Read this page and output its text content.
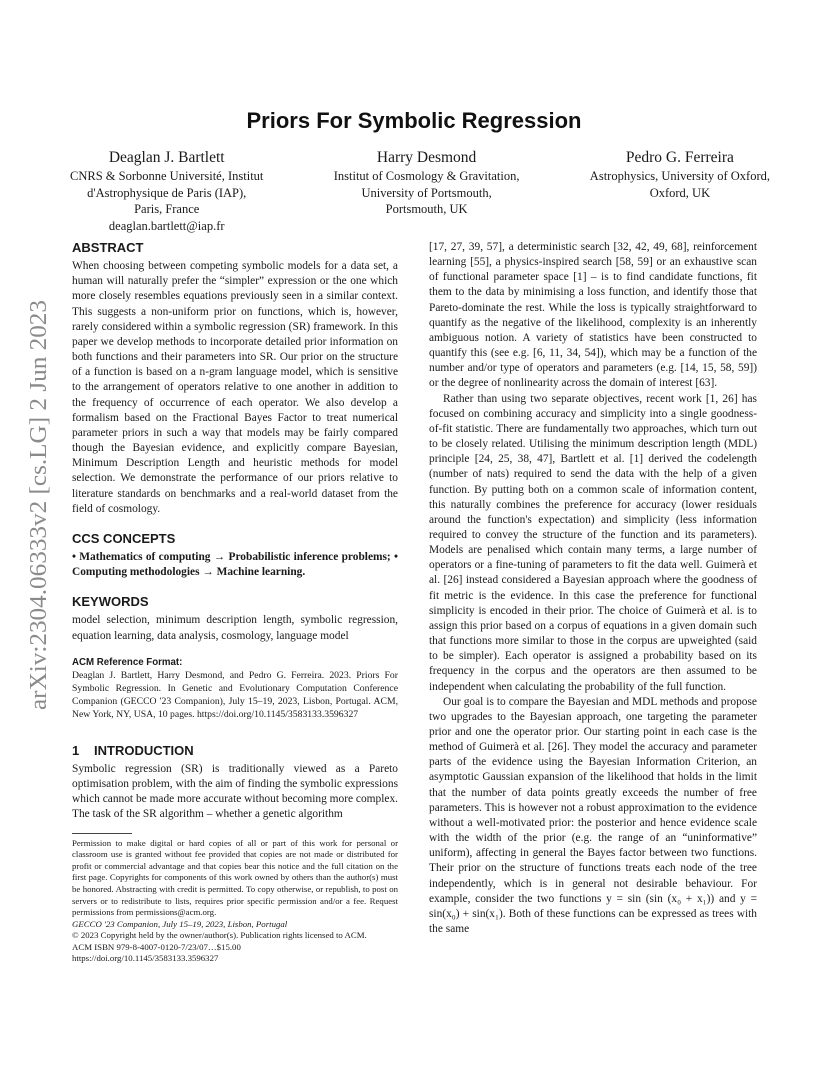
arXiv:2304.06333v2 [cs.LG] 2 Jun 2023
Priors For Symbolic Regression
Deaglan J. Bartlett
CNRS & Sorbonne Université, Institut
d'Astrophysique de Paris (IAP),
Paris, France
deaglan.bartlett@iap.fr
Harry Desmond
Institut of Cosmology & Gravitation,
University of Portsmouth,
Portsmouth, UK
Pedro G. Ferreira
Astrophysics, University of Oxford,
Oxford, UK
ABSTRACT

When choosing between competing symbolic models for a data set, a human will naturally prefer the “simpler” expression or the one which more closely resembles equations previously seen in a similar context. This suggests a non-uniform prior on functions, which is, however, rarely considered within a symbolic regression (SR) framework. In this paper we develop methods to incorporate detailed prior information on both functions and their parameters into SR. Our prior on the structure of a function is based on a n-gram language model, which is sensitive to the arrangement of operators relative to one another in addition to the frequency of occurrence of each operator. We also develop a formalism based on the Fractional Bayes Factor to treat numerical parameter priors in such a way that models may be fairly compared though the Bayesian evidence, and explicitly compare Bayesian, Minimum Description Length and heuristic methods for model selection. We demonstrate the performance of our priors relative to literature standards on benchmarks and a real-world dataset from the field of cosmology.

CCS CONCEPTS

• Mathematics of computing → Probabilistic inference problems; • Computing methodologies → Machine learning.

KEYWORDS

model selection, minimum description length, symbolic regression, equation learning, data analysis, cosmology, language model

ACM Reference Format:

Deaglan J. Bartlett, Harry Desmond, and Pedro G. Ferreira. 2023. Priors For Symbolic Regression. In Genetic and Evolutionary Computation Conference Companion (GECCO '23 Companion), July 15–19, 2023, Lisbon, Portugal. ACM, New York, NY, USA, 10 pages. https://doi.org/10.1145/3583133.3596327

1 INTRODUCTION

Symbolic regression (SR) is traditionally viewed as a Pareto optimisation problem, with the aim of finding the symbolic expressions which cannot be made more accurate without becoming more complex. The task of the SR algorithm – whether a genetic algorithm

Permission to make digital or hard copies of all or part of this work for personal or classroom use is granted without fee provided that copies are not made or distributed for profit or commercial advantage and that copies bear this notice and the full citation on the first page. Copyrights for components of this work owned by others than the author(s) must be honored. Abstracting with credit is permitted. To copy otherwise, or republish, to post on servers or to redistribute to lists, requires prior specific permission and/or a fee. Request permissions from permissions@acm.org.

GECCO '23 Companion, July 15–19, 2023, Lisbon, Portugal

© 2023 Copyright held by the owner/author(s). Publication rights licensed to ACM.

ACM ISBN 979-8-4007-0120-7/23/07…$15.00

https://doi.org/10.1145/3583133.3596327

[17, 27, 39, 57], a deterministic search [32, 42, 49, 68], reinforcement learning [55], a physics-inspired search [58, 59] or an exhaustive scan of functional parameter space [1] – is to find candidate functions, fit them to the data by minimising a loss function, and identify those that Pareto-dominate the rest. While the loss is typically straightforward to quantify as the negative of the likelihood, complexity is an inherently ambiguous notion. A variety of statistics have been constructed to quantify this (see e.g. [6, 11, 34, 54]), which may be a function of the number and/or type of operators and parameters (e.g. [14, 15, 58, 59]) or the degree of nonlinearity across the domain of interest [63].

Rather than using two separate objectives, recent work [1, 26] has focused on combining accuracy and simplicity into a single goodness-of-fit statistic. There are fundamentally two approaches, which turn out to be closely related. Utilising the minimum description length (MDL) principle [24, 25, 38, 47], Bartlett et al. [1] derived the codelength (number of nats) required to send the data with the help of a given function. By putting both on a common scale of information content, this naturally combines the preference for accuracy (lower residuals around the function's expectation) and simplicity (less information required to convey the structure of the function and its parameters). Models are penalised which contain many terms, a large number of operators or a fine-tuning of parameters to fit the data well. Guimerà et al. [26] instead considered a Bayesian approach where the goodness of fit metric is the evidence. In this case the preference for functional simplicity is encoded in their prior. The choice of Guimerà et al. is to assign this prior based on a corpus of equations in a given domain such that functions more similar to those in the corpus are upweighted (said to be simpler). Each operator is assigned a probability based on its frequency in the corpus and the operators are then assumed to be independent when calculating the probability of the full function.

Our goal is to compare the Bayesian and MDL methods and propose two upgrades to the Bayesian approach, one targeting the parameter prior and one the operator prior. Our starting point in each case is the method of Guimerà et al. [26]. They model the accuracy and parameter parts of the evidence using the Bayesian Information Criterion, an asymptotic Gaussian expansion of the likelihood that holds in the limit that the number of data points greatly exceeds the number of free parameters. This is however not a robust approximation to the evidence without a well-motivated prior: the posterior and hence evidence scale with the width of the prior (e.g. the range of an “uninformative” uniform), affecting in general the Bayes factor between two functions. Their prior on the structure of functions treats each node of the tree independently, which is in general not desirable behaviour. For example, consider the two functions y = sin (sin (x₀ + x₁)) and y = sin(x₀) + sin(x₁). Both of these functions can be expressed as trees with the same
